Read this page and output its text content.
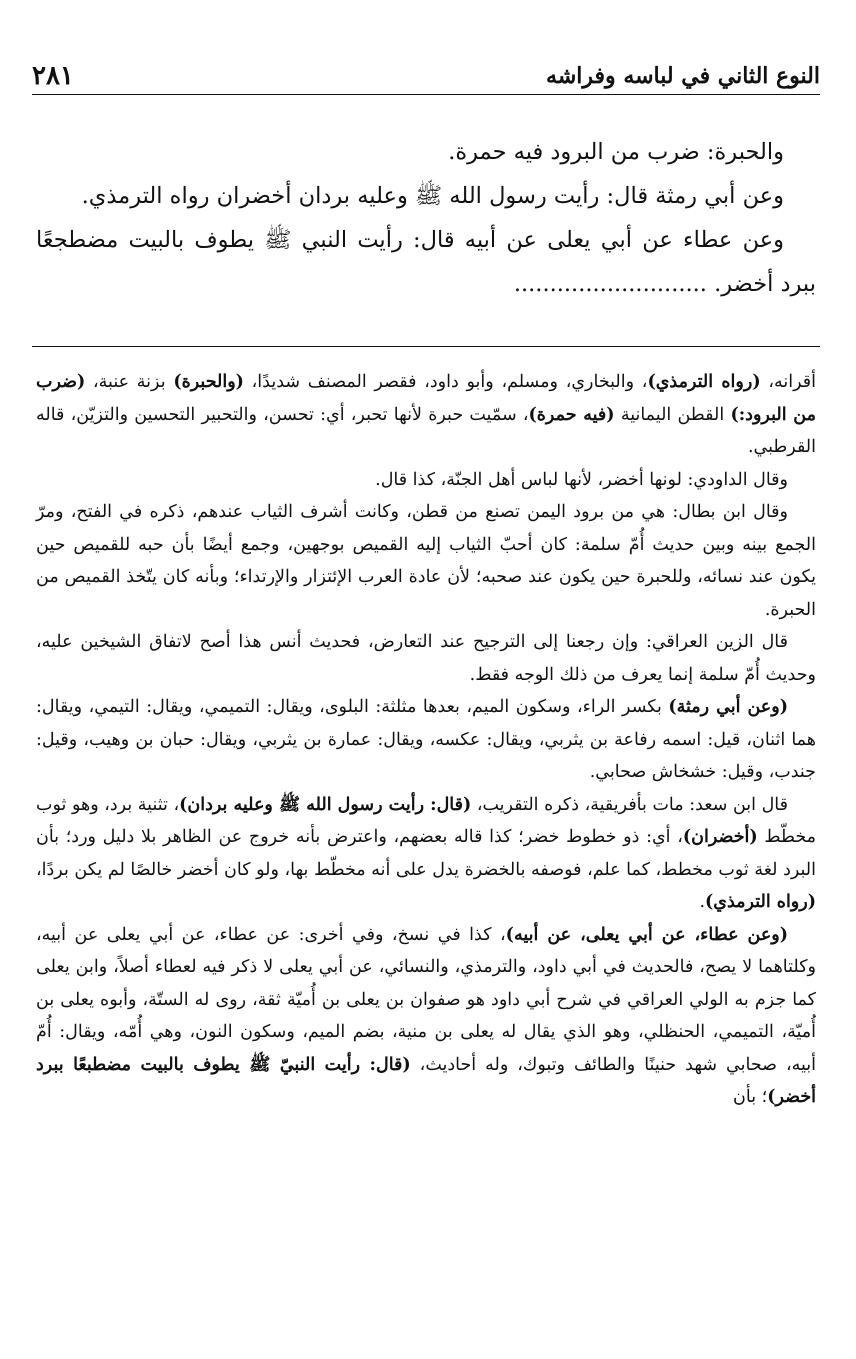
النوع الثاني في لباسه وفراشه
٢٨١

والحبرة: ضرب من البرود فيه حمرة.

وعن أبي رمثة قال: رأيت رسول الله ﷺ وعليه بردان أخضران رواه الترمذي.

وعن عطاء عن أبي يعلى عن أبيه قال: رأيت النبي ﷺ يطوف بالبيت مضطجعًا ببرد أخضر. ...........................

أقرانه، (رواه الترمذي)، والبخاري، ومسلم، وأبو داود، فقصر المصنف شديدًا، (والحبرة) بزنة عنبة، (ضرب من البرود:) القطن اليمانية (فيه حمرة)، سمّيت حبرة لأنها تحبر، أي: تحسن، والتحبير التحسين والتزيّن، قاله القرطبي.

وقال الداودي: لونها أخضر، لأنها لباس أهل الجنّة، كذا قال.

وقال ابن بطال: هي من برود اليمن تصنع من قطن، وكانت أشرف الثياب عندهم، ذكره في الفتح، ومرّ الجمع بينه وبين حديث أُمّ سلمة: كان أحبّ الثياب إليه القميص بوجهين، وجمع أيضًا بأن حبه للقميص حين يكون عند نسائه، وللحبرة حين يكون عند صحبه؛ لأن عادة العرب الإئتزار والإرتداء؛ وبأنه كان يتّخذ القميص من الحبرة.

قال الزين العراقي: وإن رجعنا إلى الترجيح عند التعارض، فحديث أنس هذا أصح لاتفاق الشيخين عليه، وحديث أُمّ سلمة إنما يعرف من ذلك الوجه فقط.

(وعن أبي رمثة) بكسر الراء، وسكون الميم، بعدها مثلثة: البلوى، ويقال: التميمي، ويقال: التيمي، ويقال: هما اثنان، قيل: اسمه رفاعة بن يثربي، ويقال: عكسه، ويقال: عمارة بن يثربي، ويقال: حبان بن وهيب، وقيل: جندب، وقيل: خشخاش صحابي.

قال ابن سعد: مات بأفريقية، ذكره التقريب، (قال: رأيت رسول الله ﷺ وعليه بردان)، تثنية برد، وهو ثوب مخطّط (أخضران)، أي: ذو خطوط خضر؛ كذا قاله بعضهم، واعترض بأنه خروج عن الظاهر بلا دليل ورد؛ بأن البرد لغة ثوب مخطط، كما علم، فوصفه بالخضرة يدل على أنه مخطّط بها، ولو كان أخضر خالصًا لم يكن بردًا، (رواه الترمذي).

(وعن عطاء، عن أبي يعلى، عن أبيه)، كذا في نسخ، وفي أخرى: عن عطاء، عن أبي يعلى عن أبيه، وكلتاهما لا يصح، فالحديث في أبي داود، والترمذي، والنسائي، عن أبي يعلى لا ذكر فيه لعطاء أصلاً، وابن يعلى كما جزم به الولي العراقي في شرح أبي داود هو صفوان بن يعلى بن أُميّة ثقة، روى له الستّة، وأبوه يعلى بن أُميّة، التميمي، الحنظلي، وهو الذي يقال له يعلى بن منية، بضم الميم، وسكون النون، وهي أُمّه، ويقال: أُمّ أبيه، صحابي شهد حنينًا والطائف وتبوك، وله أحاديث، (قال: رأيت النبيّ ﷺ يطوف بالبيت مضطبعًا ببرد أخضر)؛ بأن
